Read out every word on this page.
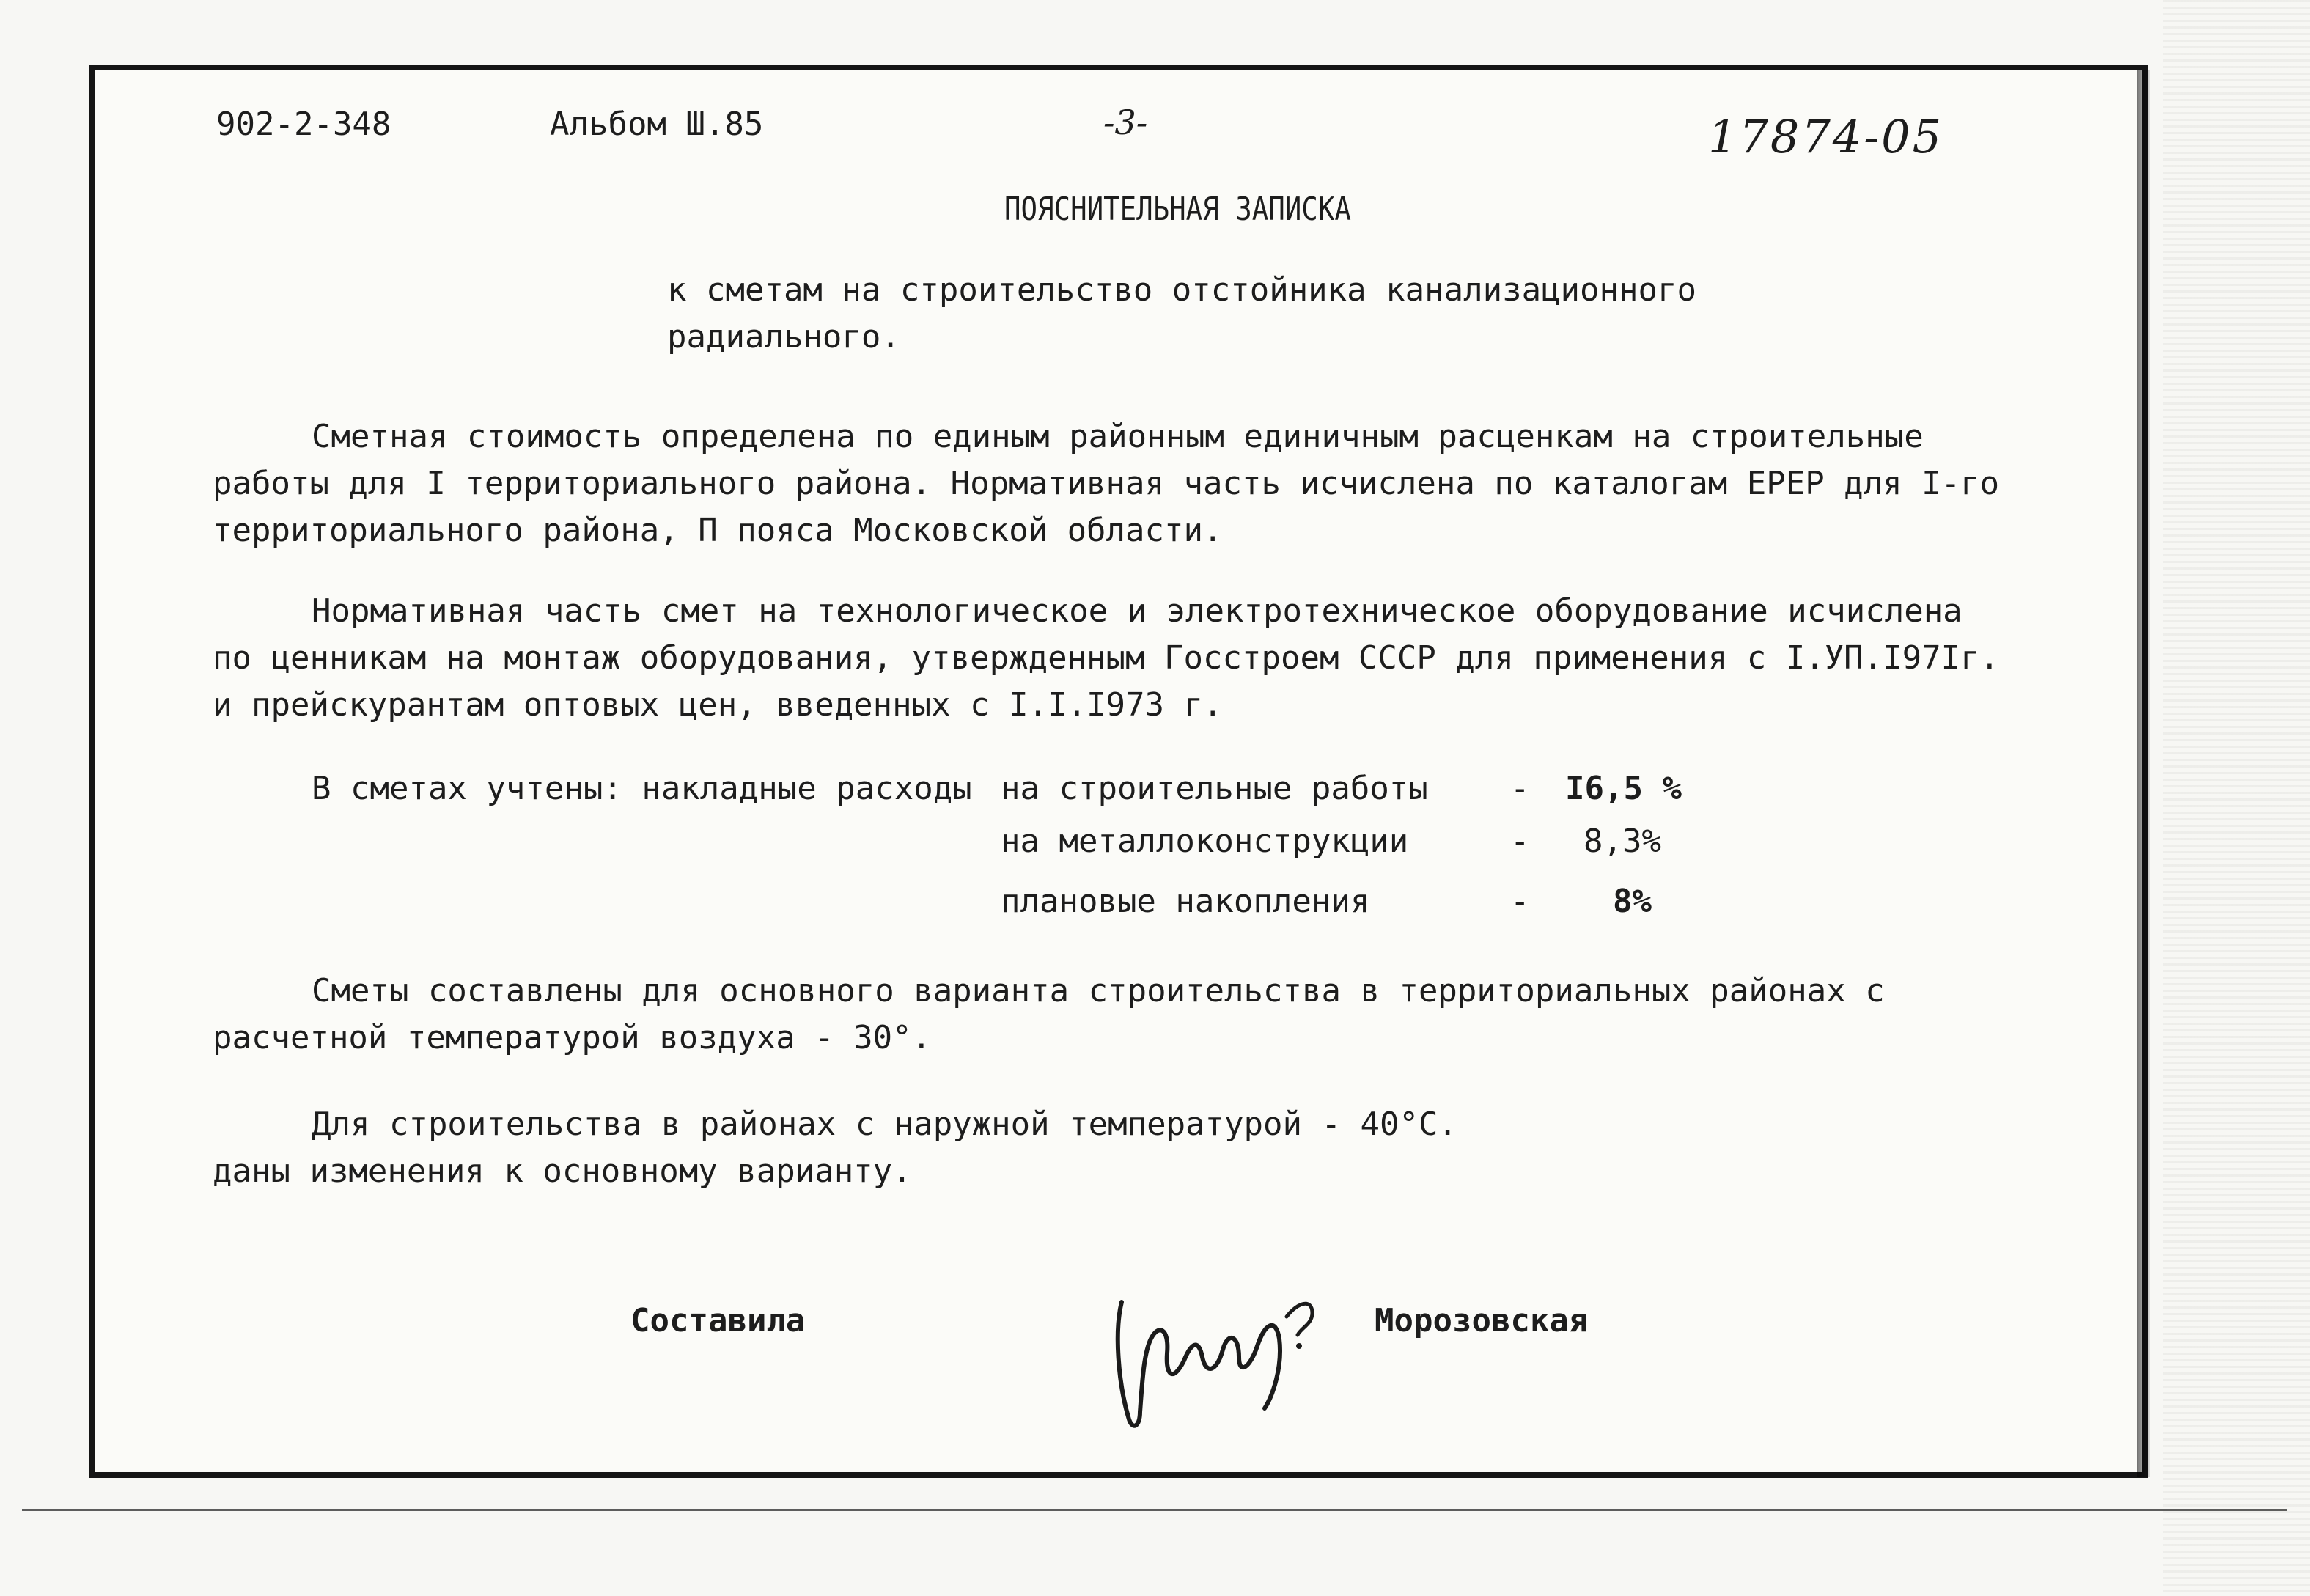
902-2-348	Альбом Ш.85	-3-	17874-05
ПОЯСНИТЕЛЬНАЯ ЗАПИСКА
к сметам на строительство отстойника канализационного
радиального.
Сметная стоимость определена по единым районным единичным расценкам на строительные
работы для I территориального района. Нормативная часть исчислена по каталогам ЕРЕР для I-го
территориального района, П пояса Московской области.
Нормативная часть смет на технологическое и электротехническое оборудование исчислена
по ценникам на монтаж оборудования, утвержденным Госстроем СССР для применения с I.УП.I97Iг.
и прейскурантам оптовых цен, введенных с I.I.I973 г.
В сметах учтены: накладные расходы на строительные работы	- I6,5 %
на металлоконструкции	- 8,3%
плановые накопления	-	8%
Сметы составлены для основного варианта строительства в территориальных районах с
расчетной температурой воздуха - 30°.
Для строительства в районах с наружной температурой - 40°С.
даны изменения к основному варианту.
Составила	Морозовская
